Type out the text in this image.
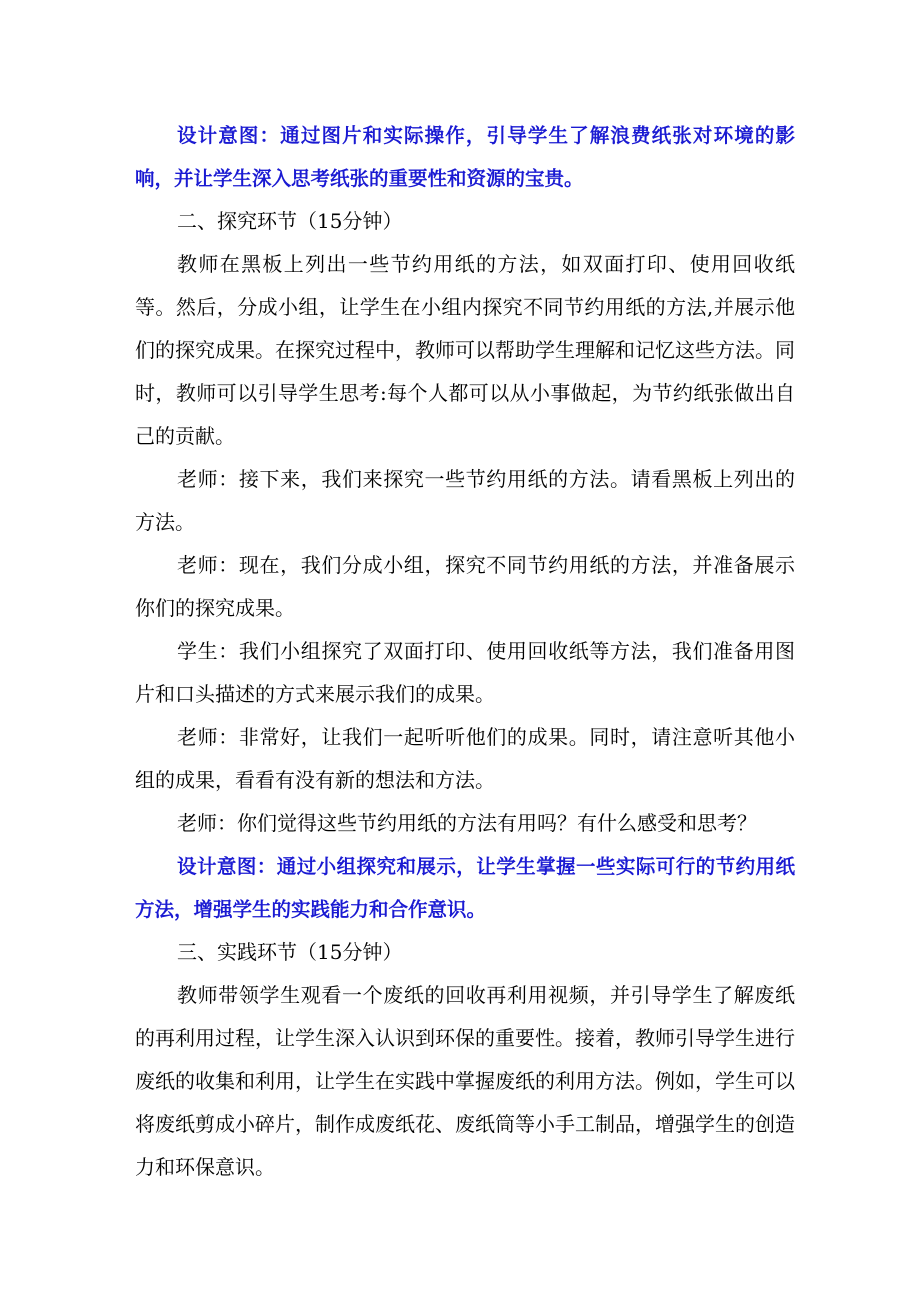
设计意图：通过图片和实际操作，引导学生了解浪费纸张对环境的影响，并让学生深入思考纸张的重要性和资源的宝贵。

二、探究环节（15分钟）

教师在黑板上列出一些节约用纸的方法，如双面打印、使用回收纸等。然后，分成小组，让学生在小组内探究不同节约用纸的方法,并展示他们的探究成果。在探究过程中，教师可以帮助学生理解和记忆这些方法。同时，教师可以引导学生思考:每个人都可以从小事做起，为节约纸张做出自己的贡献。

老师：接下来，我们来探究一些节约用纸的方法。请看黑板上列出的方法。

老师：现在，我们分成小组，探究不同节约用纸的方法，并准备展示你们的探究成果。

学生：我们小组探究了双面打印、使用回收纸等方法，我们准备用图片和口头描述的方式来展示我们的成果。

老师：非常好，让我们一起听听他们的成果。同时，请注意听其他小组的成果，看看有没有新的想法和方法。

老师：你们觉得这些节约用纸的方法有用吗？有什么感受和思考？

设计意图：通过小组探究和展示，让学生掌握一些实际可行的节约用纸方法，增强学生的实践能力和合作意识。

三、实践环节（15分钟）

教师带领学生观看一个废纸的回收再利用视频，并引导学生了解废纸的再利用过程，让学生深入认识到环保的重要性。接着，教师引导学生进行废纸的收集和利用，让学生在实践中掌握废纸的利用方法。例如，学生可以将废纸剪成小碎片，制作成废纸花、废纸筒等小手工制品，增强学生的创造力和环保意识。
